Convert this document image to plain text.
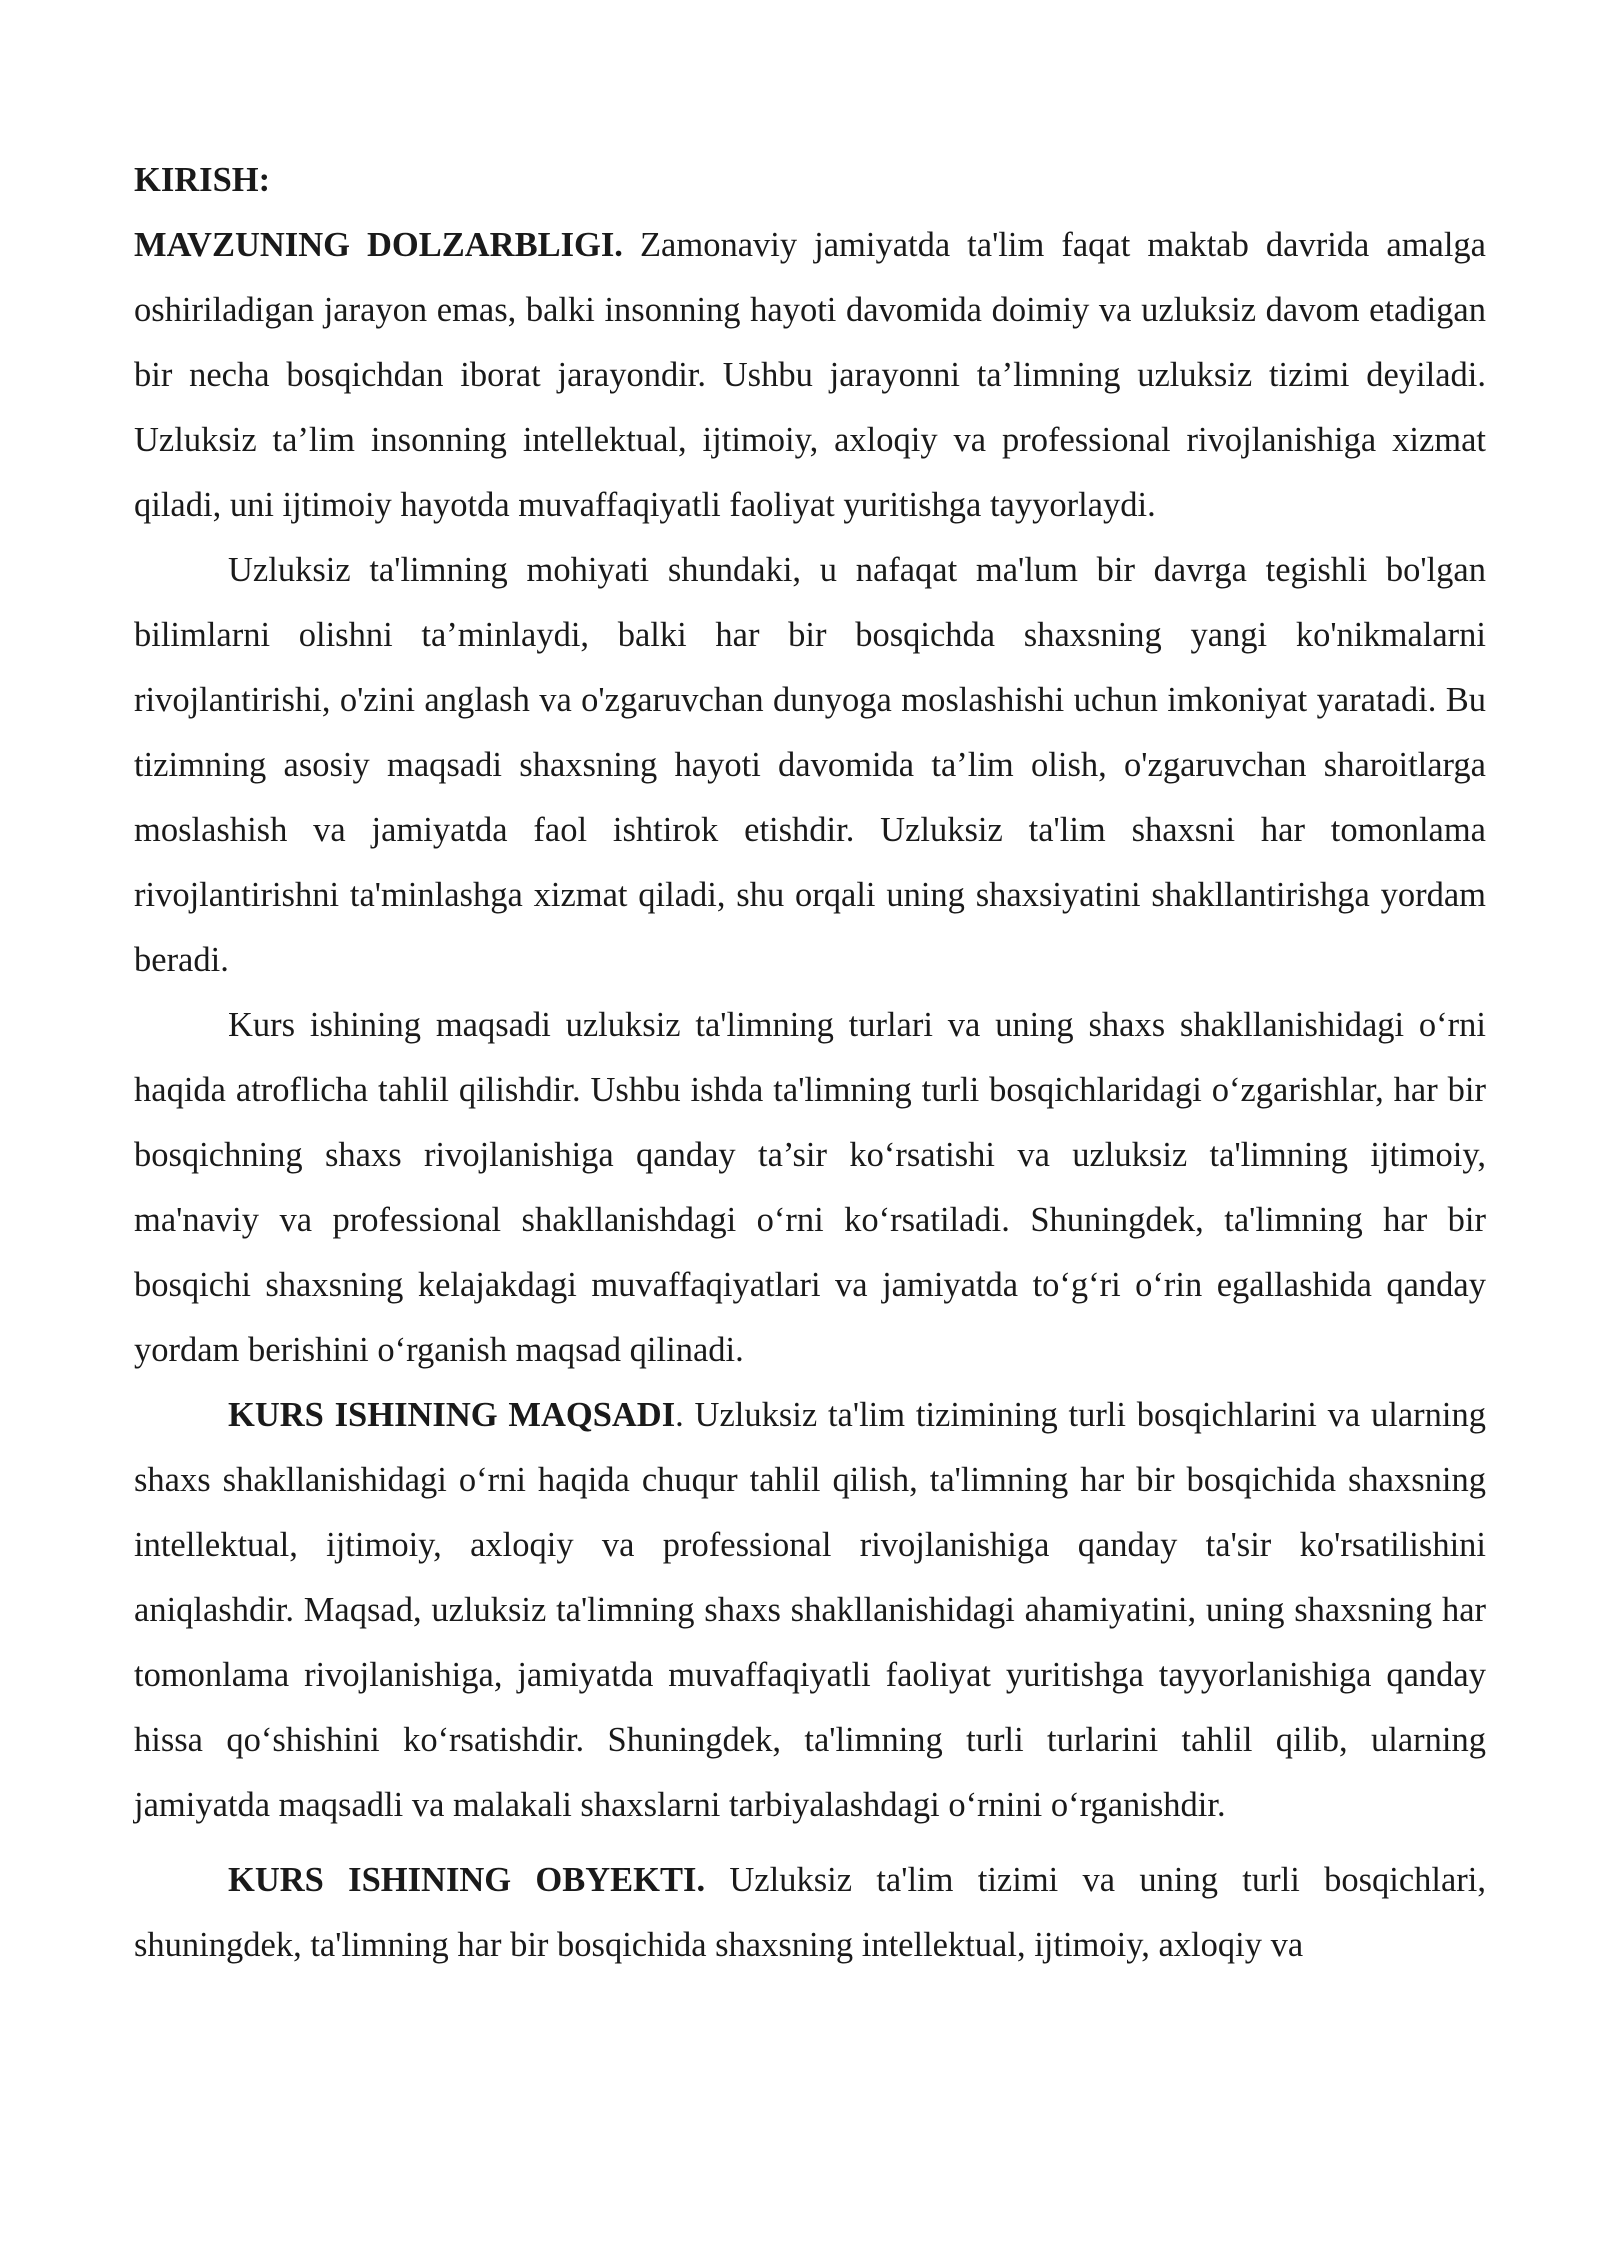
KIRISH:

MAVZUNING DOLZARBLIGI. Zamonaviy jamiyatda ta'lim faqat maktab davrida amalga oshiriladigan jarayon emas, balki insonning hayoti davomida doimiy va uzluksiz davom etadigan bir necha bosqichdan iborat jarayondir. Ushbu jarayonni ta’limning uzluksiz tizimi deyiladi. Uzluksiz ta’lim insonning intellektual, ijtimoiy, axloqiy va professional rivojlanishiga xizmat qiladi, uni ijtimoiy hayotda muvaffaqiyatli faoliyat yuritishga tayyorlaydi.

Uzluksiz ta'limning mohiyati shundaki, u nafaqat ma'lum bir davrga tegishli bo'lgan bilimlarni olishni ta’minlaydi, balki har bir bosqichda shaxsning yangi ko'nikmalarni rivojlantirishi, o'zini anglash va o'zgaruvchan dunyoga moslashishi uchun imkoniyat yaratadi. Bu tizimning asosiy maqsadi shaxsning hayoti davomida ta’lim olish, o'zgaruvchan sharoitlarga moslashish va jamiyatda faol ishtirok etishdir. Uzluksiz ta'lim shaxsni har tomonlama rivojlantirishni ta'minlashga xizmat qiladi, shu orqali uning shaxsiyatini shakllantirishga yordam beradi.

Kurs ishining maqsadi uzluksiz ta'limning turlari va uning shaxs shakllanishidagi o‘rni haqida atroflicha tahlil qilishdir. Ushbu ishda ta'limning turli bosqichlaridagi o‘zgarishlar, har bir bosqichning shaxs rivojlanishiga qanday ta’sir ko‘rsatishi va uzluksiz ta'limning ijtimoiy, ma'naviy va professional shakllanishdagi o‘rni ko‘rsatiladi. Shuningdek, ta'limning har bir bosqichi shaxsning kelajakdagi muvaffaqiyatlari va jamiyatda to‘g‘ri o‘rin egallashida qanday yordam berishini o‘rganish maqsad qilinadi.

KURS ISHINING MAQSADI. Uzluksiz ta'lim tizimining turli bosqichlarini va ularning shaxs shakllanishidagi o‘rni haqida chuqur tahlil qilish, ta'limning har bir bosqichida shaxsning intellektual, ijtimoiy, axloqiy va professional rivojlanishiga qanday ta'sir ko'rsatilishini aniqlashdir. Maqsad, uzluksiz ta'limning shaxs shakllanishidagi ahamiyatini, uning shaxsning har tomonlama rivojlanishiga, jamiyatda muvaffaqiyatli faoliyat yuritishga tayyorlanishiga qanday hissa qo‘shishini ko‘rsatishdir. Shuningdek, ta'limning turli turlarini tahlil qilib, ularning jamiyatda maqsadli va malakali shaxslarni tarbiyalashdagi o‘rnini o‘rganishdir.

KURS ISHINING OBYEKTI. Uzluksiz ta'lim tizimi va uning turli bosqichlari, shuningdek, ta'limning har bir bosqichida shaxsning intellektual, ijtimoiy, axloqiy va
